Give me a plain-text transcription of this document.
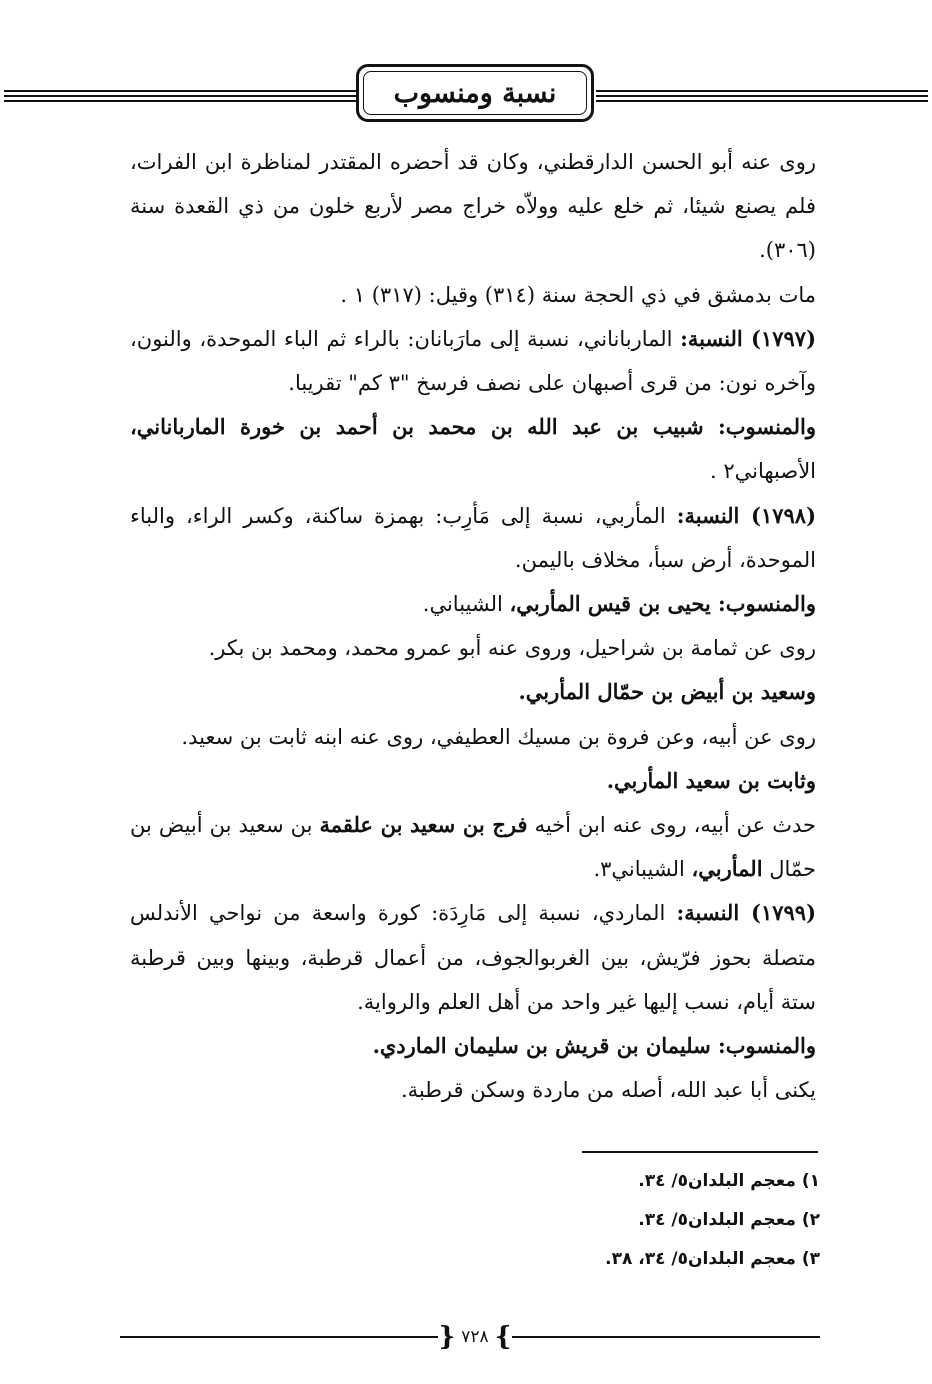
نسبة ومنسوب

روى عنه أبو الحسن الدارقطني، وكان قد أحضره المقتدر لمناظرة ابن الفرات، فلم يصنع شيئا، ثم خلع عليه وولاّه خراج مصر لأربع خلون من ذي القعدة سنة (٣٠٦).

مات بدمشق في ذي الحجة سنة (٣١٤) وقيل: (٣١٧) ١ .

(١٧٩٧) النسبة: المارباناني، نسبة إلى مارَبانان: بالراء ثم الباء الموحدة، والنون، وآخره نون: من قرى أصبهان على نصف فرسخ "٣ كم" تقريبا.

والمنسوب: شبيب بن عبد الله بن محمد بن أحمد بن خورة المارباناني، الأصبهاني٢ .

(١٧٩٨) النسبة: المأربي، نسبة إلى مَأرِب: بهمزة ساكنة، وكسر الراء، والباء الموحدة، أرض سبأ، مخلاف باليمن.

والمنسوب: يحيى بن قيس المأربي، الشيباني.

روى عن ثمامة بن شراحيل، وروى عنه أبو عمرو محمد، ومحمد بن بكر.

وسعيد بن أبيض بن حمّال المأربي.

روى عن أبيه، وعن فروة بن مسيك العطيفي، روى عنه ابنه ثابت بن سعيد.

وثابت بن سعيد المأربي.

حدث عن أبيه، روى عنه ابن أخيه فرج بن سعيد بن علقمة بن سعيد بن أبيض بن حمّال المأربي، الشيباني٣.

(١٧٩٩) النسبة: الماردي، نسبة إلى مَارِدَة: كورة واسعة من نواحي الأندلس متصلة بحوز فرّيش، بين الغربوالجوف، من أعمال قرطبة، وبينها وبين قرطبة ستة أيام، نسب إليها غير واحد من أهل العلم والرواية.

والمنسوب: سليمان بن قريش بن سليمان الماردي.

يكنى أبا عبد الله، أصله من ماردة وسكن قرطبة.

١) معجم البلدان٥/ ٣٤.

٢) معجم البلدان٥/ ٣٤.

٣) معجم البلدان٥/ ٣٤، ٣٨.

}
٧٢٨
{
